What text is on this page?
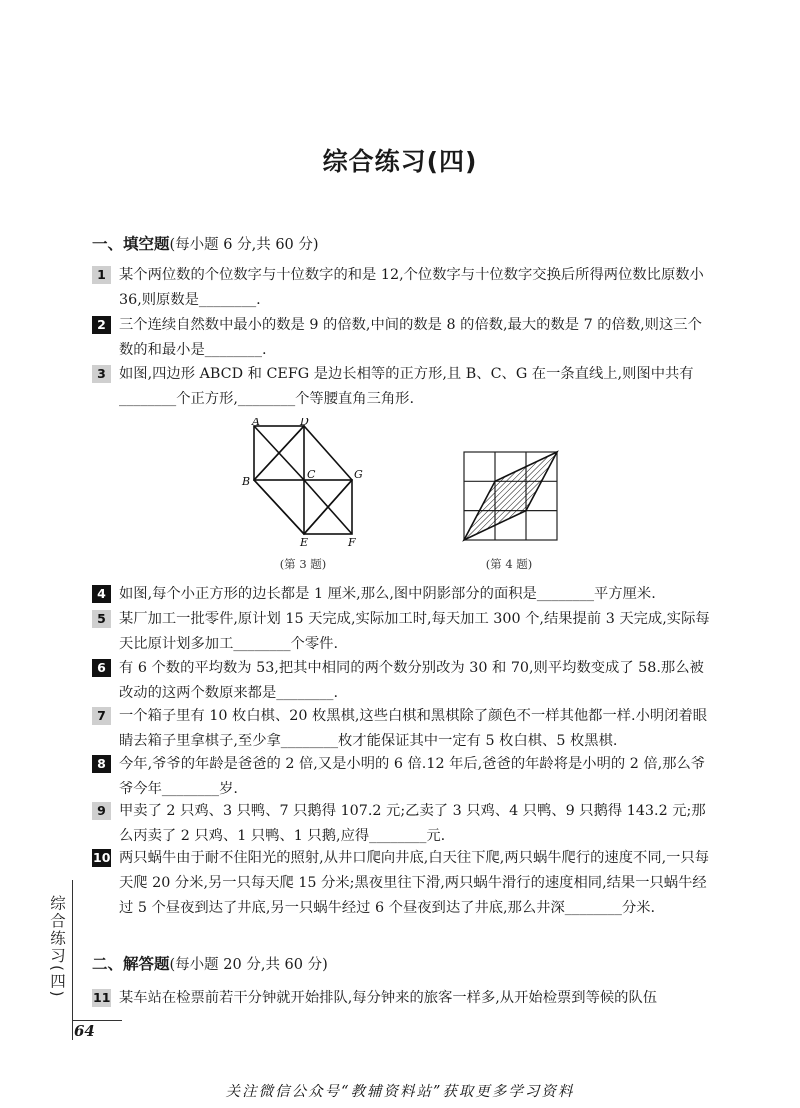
综合练习(四)
一、填空题(每小题 6 分,共 60 分)
1 某个两位数的个位数字与十位数字的和是 12,个位数字与十位数字交换后所得两位数比原数小 36,则原数是________.
2 三个连续自然数中最小的数是 9 的倍数,中间的数是 8 的倍数,最大的数是 7 的倍数,则这三个数的和最小是________.
3 如图,四边形 ABCD 和 CEFG 是边长相等的正方形,且 B、C、G 在一条直线上,则图中共有________个正方形,________个等腰直角三角形.
A	D
B
C	G
E	F
(第 3 题)	(第 4 题)
4 如图,每个小正方形的边长都是 1 厘米,那么,图中阴影部分的面积是________平方厘米.
5 某厂加工一批零件,原计划 15 天完成,实际加工时,每天加工 300 个,结果提前 3 天完成,实际每天比原计划多加工________个零件.
6 有 6 个数的平均数为 53,把其中相同的两个数分别改为 30 和 70,则平均数变成了 58.那么被改动的这两个数原来都是________.
7 一个箱子里有 10 枚白棋、20 枚黑棋,这些白棋和黑棋除了颜色不一样其他都一样.小明闭着眼睛去箱子里拿棋子,至少拿________枚才能保证其中一定有 5 枚白棋、5 枚黑棋.
8 今年,爷爷的年龄是爸爸的 2 倍,又是小明的 6 倍.12 年后,爸爸的年龄将是小明的 2 倍,那么爷爷今年________岁.
9 甲卖了 2 只鸡、3 只鸭、7 只鹅得 107.2 元;乙卖了 3 只鸡、4 只鸭、9 只鹅得 143.2 元;那么丙卖了 2 只鸡、1 只鸭、1 只鹅,应得________元.
10 两只蜗牛由于耐不住阳光的照射,从井口爬向井底,白天往下爬,两只蜗牛爬行的速度不同,一只每天爬 20 分米,另一只每天爬 15 分米;黑夜里往下滑,两只蜗牛滑行的速度相同,结果一只蜗牛经过 5 个昼夜到达了井底,另一只蜗牛经过 6 个昼夜到达了井底,那么井深________分米.
二、解答题(每小题 20 分,共 60 分)
11 某车站在检票前若干分钟就开始排队,每分钟来的旅客一样多,从开始检票到等候的队伍
综合练习(四)
64
关注微信公众号“教辅资料站”获取更多学习资料
